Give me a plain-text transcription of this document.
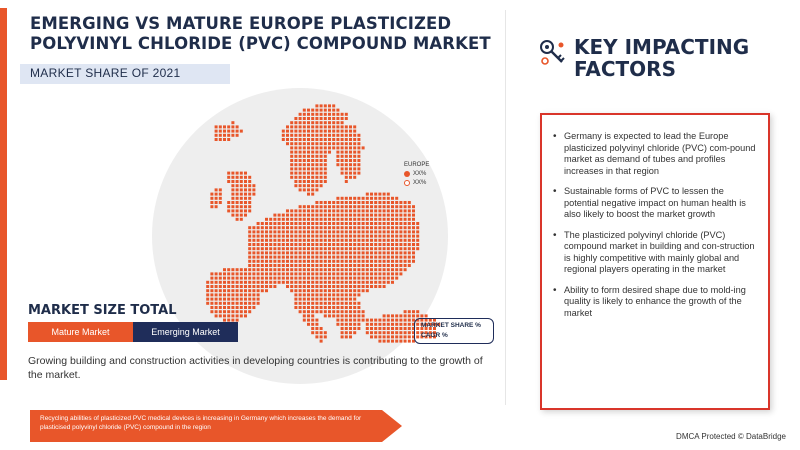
EMERGING VS MATURE EUROPE PLASTICIZED POLYVINYL CHLORIDE (PVC) COMPOUND MARKET
MARKET SHARE OF 2021
EUROPE
XX%
XX%
MARKET SIZE TOTAL
Mature Market	Emerging Market
MARKET SHARE %
CAGR %

Growing building and construction activities in developing countries is contributing to the growth of the market.

Recycling abilities of plasticized PVC medical devices is increasing in Germany which increases the demand for plasticised polyvinyl chloride (PVC) compound in the region
KEY IMPACTING
FACTORS
• Germany is expected to lead the Europe plasticized polyvinyl chloride (PVC) com-pound market as demand of tubes and profiles increases in that region
• Sustainable forms of PVC to lessen the potential negative impact on human health is also likely to boost the market growth
• The plasticized polyvinyl chloride (PVC) compound market in building and con-struction is highly competitive with mainly global and regional players operating in the market
• Ability to form desired shape due to mold-ing quality is likely to enhance the growth of the market
DMCA Protected © DataBridge
